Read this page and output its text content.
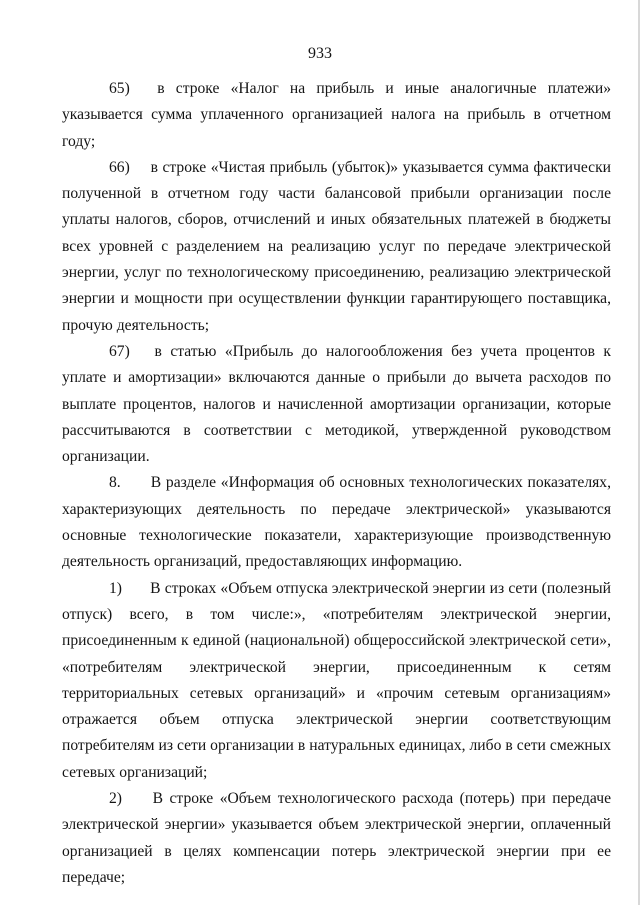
933

65) в строке «Налог на прибыль и иные аналогичные платежи» указывается сумма уплаченного организацией налога на прибыль в отчетном году;

66) в строке «Чистая прибыль (убыток)» указывается сумма фактически полученной в отчетном году части балансовой прибыли организации после уплаты налогов, сборов, отчислений и иных обязательных платежей в бюджеты всех уровней с разделением на реализацию услуг по передаче электрической энергии, услуг по технологическому присоединению, реализацию электрической энергии и мощности при осуществлении функции гарантирующего поставщика, прочую деятельность;

67) в статью «Прибыль до налогообложения без учета процентов к уплате и амортизации» включаются данные о прибыли до вычета расходов по выплате процентов, налогов и начисленной амортизации организации, которые рассчитываются в соответствии с методикой, утвержденной руководством организации.

8. В разделе «Информация об основных технологических показателях, характеризующих деятельность по передаче электрической» указываются основные технологические показатели, характеризующие производственную деятельность организаций, предоставляющих информацию.

1) В строках «Объем отпуска электрической энергии из сети (полезный отпуск) всего, в том числе:», «потребителям электрической энергии, присоединенным к единой (национальной) общероссийской электрической сети», «потребителям электрической энергии, присоединенным к сетям территориальных сетевых организаций» и «прочим сетевым организациям» отражается объем отпуска электрической энергии соответствующим потребителям из сети организации в натуральных единицах, либо в сети смежных сетевых организаций;

2) В строке «Объем технологического расхода (потерь) при передаче электрической энергии» указывается объем электрической энергии, оплаченный организацией в целях компенсации потерь электрической энергии при ее передаче;
